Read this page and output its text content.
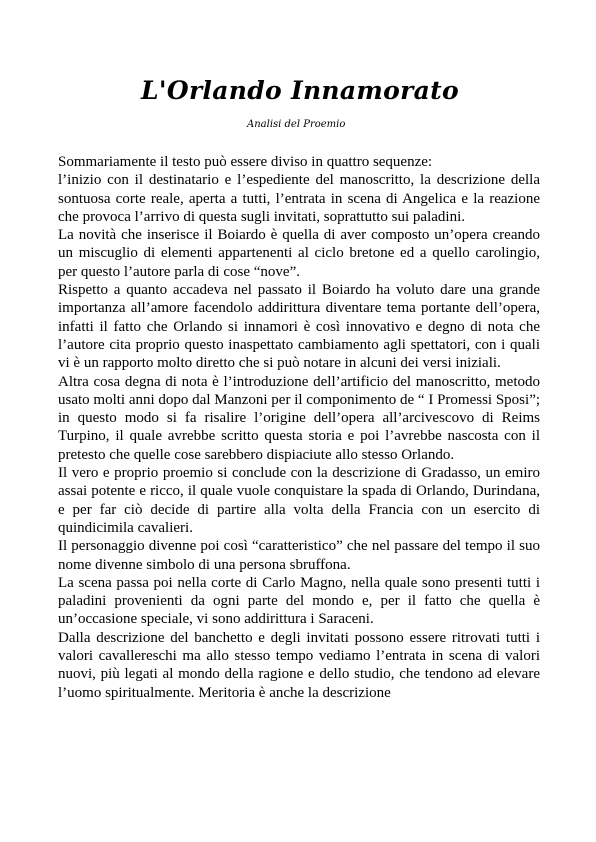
L'Orlando Innamorato
Analisi del Proemio

Sommariamente il testo può essere diviso in quattro sequenze:

l’inizio con il destinatario e l’espediente del manoscritto, la descrizione della sontuosa corte reale, aperta a tutti, l’entrata in scena di Angelica e la reazione che provoca l’arrivo di questa sugli invitati, soprattutto sui paladini.

La novità che inserisce il Boiardo è quella di aver composto un’opera creando un miscuglio di elementi appartenenti al ciclo bretone ed a quello carolingio, per questo l’autore parla di cose “nove”.

Rispetto a quanto accadeva nel passato il Boiardo ha voluto dare una grande importanza all’amore facendolo addirittura diventare tema portante dell’opera, infatti il fatto che Orlando si innamori è così innovativo e degno di nota che l’autore cita proprio questo inaspettato cambiamento agli spettatori, con i quali vi è un rapporto molto diretto che si può notare in alcuni dei versi iniziali.

Altra cosa degna di nota è l’introduzione dell’artificio del manoscritto, metodo usato molti anni dopo dal Manzoni per il componimento de “ I Promessi Sposi”; in questo modo si fa risalire l’origine dell’opera all’arcivescovo di Reims Turpino, il quale avrebbe scritto questa storia e poi l’avrebbe nascosta con il pretesto che quelle cose sarebbero dispiaciute allo stesso Orlando.

Il vero e proprio proemio si conclude con la descrizione di Gradasso, un emiro assai potente e ricco, il quale vuole conquistare la spada di Orlando, Durindana, e per far ciò decide di partire alla volta della Francia con un esercito di quindicimila cavalieri.

Il personaggio divenne poi così “caratteristico” che nel passare del tempo il suo nome divenne simbolo di una persona sbruffona.

La scena passa poi nella corte di Carlo Magno, nella quale sono presenti tutti i paladini provenienti da ogni parte del mondo e, per il fatto che quella è un’occasione speciale, vi sono addirittura i Saraceni.

Dalla descrizione del banchetto e degli invitati possono essere ritrovati tutti i valori cavallereschi ma allo stesso tempo vediamo l’entrata in scena di valori nuovi, più legati al mondo della ragione e dello studio, che tendono ad elevare l’uomo spiritualmente. Meritoria è anche la descrizione
